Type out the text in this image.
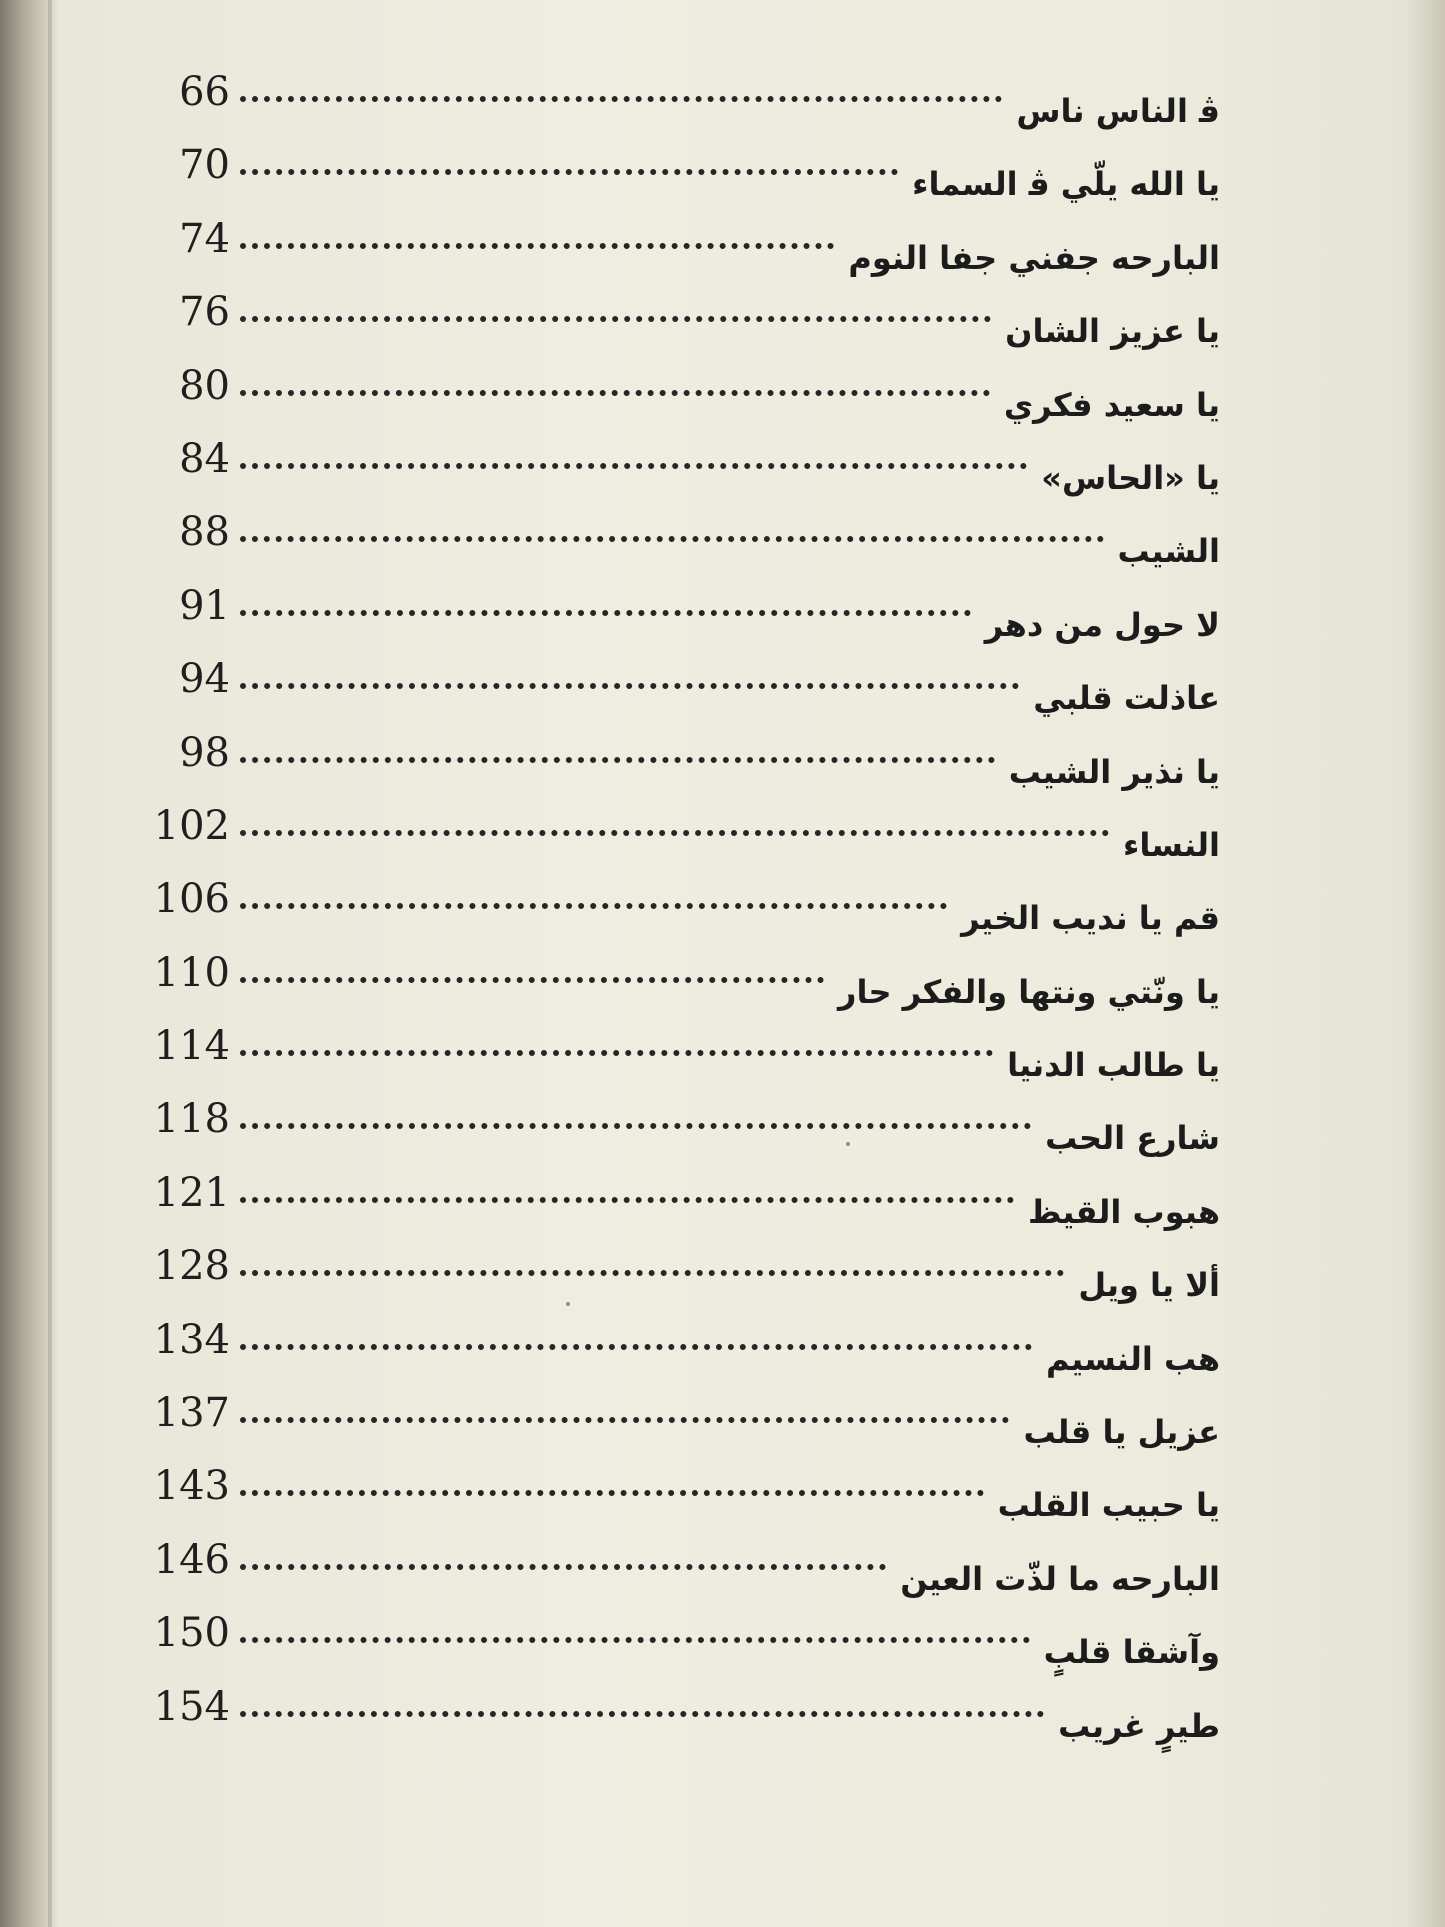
66	ﭬ الناس ناس
70	يا الله يلّي ﭬ السماء
74	البارحه جفني جفا النوم
76	يا عزيز الشان
80	يا سعيد فكري
84	يا «الحاس»
88	الشيب
91	لا حول من دهر
94	عاذلت قلبي
98	يا نذير الشيب
102	النساء
106	قم يا نديب الخير
110	يا ونّتي ونتها والفكر حار
114	يا طالب الدنيا
118	شارع الحب
121	هبوب القيظ
128	ألا يا ويل
134	هب النسيم
137	عزيل يا قلب
143	يا حبيب القلب
146	البارحه ما لذّت العين
150	وآشقا قلبٍ
154	طيرٍ غريب
